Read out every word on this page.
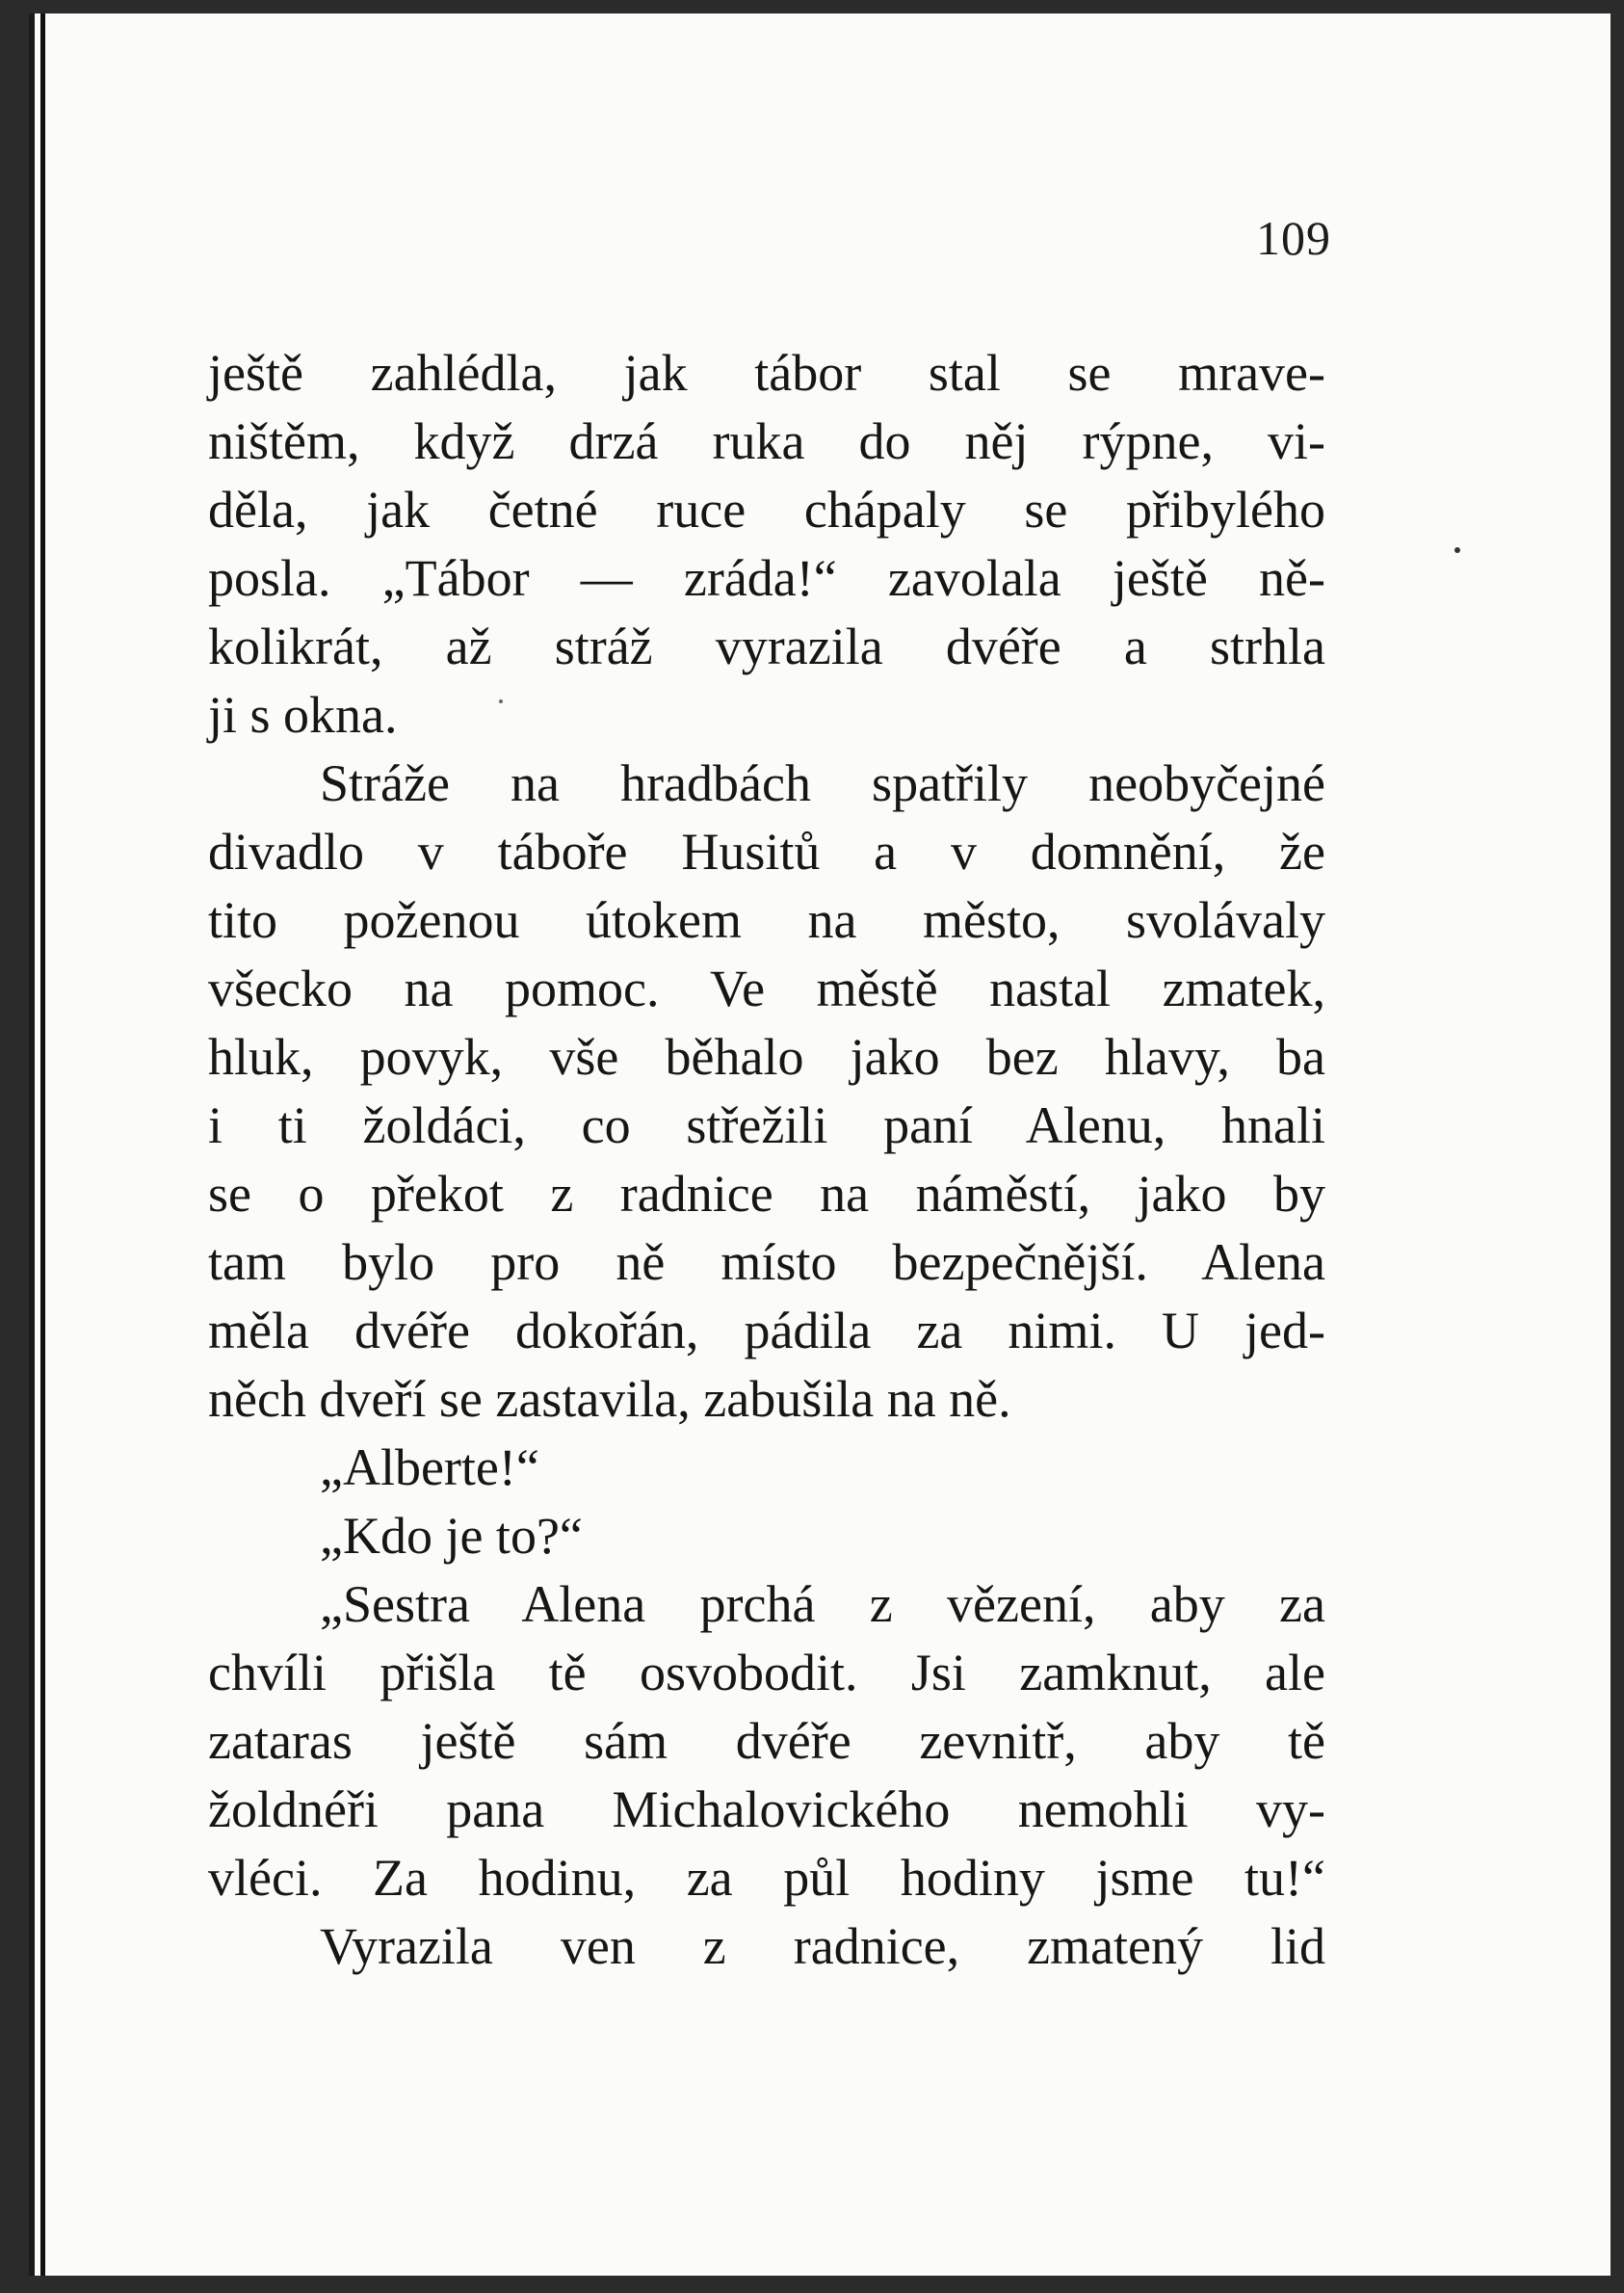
109
ještě zahlédla, jak tábor stal se mrave-
ništěm, když drzá ruka do něj rýpne, vi-
děla, jak četné ruce chápaly se přibylého
posla. „Tábor — zráda!“ zavolala ještě ně-
kolikrát, až stráž vyrazila dvéře a strhla
ji s okna.
Stráže na hradbách spatřily neobyčejné
divadlo v táboře Husitů a v domnění, že
tito poženou útokem na město, svolávaly
všecko na pomoc. Ve městě nastal zmatek,
hluk, povyk, vše běhalo jako bez hlavy, ba
i ti žoldáci, co střežili paní Alenu, hnali
se o překot z radnice na náměstí, jako by
tam bylo pro ně místo bezpečnější. Alena
měla dvéře dokořán, pádila za nimi. U jed-
něch dveří se zastavila, zabušila na ně.
„Alberte!“
„Kdo je to?“
„Sestra Alena prchá z vězení, aby za
chvíli přišla tě osvobodit. Jsi zamknut, ale
zataras ještě sám dvéře zevnitř, aby tě
žoldnéři pana Michalovického nemohli vy-
vléci. Za hodinu, za půl hodiny jsme tu!“
Vyrazila ven z radnice, zmatený lid
